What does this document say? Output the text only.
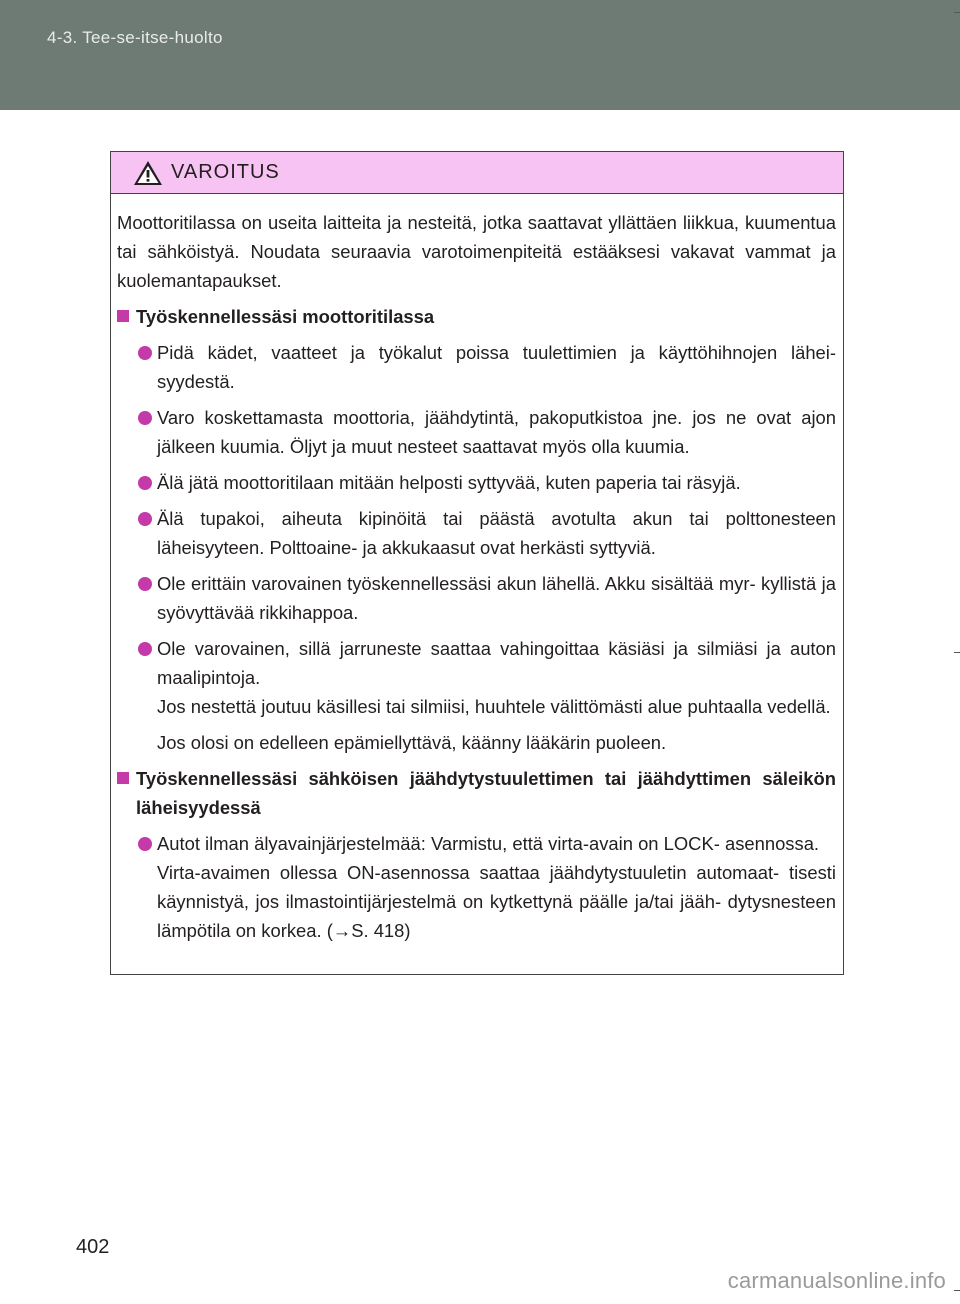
4-3. Tee-se-itse-huolto
VAROITUS

Moottoritilassa on useita laitteita ja nesteitä, jotka saattavat yllättäen liikkua, kuumentua tai sähköistyä. Noudata seuraavia varotoimenpiteitä estääksesi vakavat vammat ja kuolemantapaukset.

Työskennellessäsi moottoritilassa

Pidä kädet, vaatteet ja työkalut poissa tuulettimien ja käyttöhihnojen lähei- syydestä.

Varo koskettamasta moottoria, jäähdytintä, pakoputkistoa jne. jos ne ovat ajon jälkeen kuumia. Öljyt ja muut nesteet saattavat myös olla kuumia.

Älä jätä moottoritilaan mitään helposti syttyvää, kuten paperia tai räsyjä.

Älä tupakoi, aiheuta kipinöitä tai päästä avotulta akun tai polttonesteen läheisyyteen. Polttoaine- ja akkukaasut ovat herkästi syttyviä.

Ole erittäin varovainen työskennellessäsi akun lähellä. Akku sisältää myr- kyllistä ja syövyttävää rikkihappoa.

Ole varovainen, sillä jarruneste saattaa vahingoittaa käsiäsi ja silmiäsi ja auton maalipintoja.

Jos nestettä joutuu käsillesi tai silmiisi, huuhtele välittömästi alue puhtaalla vedellä.

Jos olosi on edelleen epämiellyttävä, käänny lääkärin puoleen.

Työskennellessäsi sähköisen jäähdytystuulettimen tai jäähdyttimen säleikön läheisyydessä

Autot ilman älyavainjärjestelmää: Varmistu, että virta-avain on LOCK- asennossa.

Virta-avaimen ollessa ON-asennossa saattaa jäähdytystuuletin automaat- tisesti käynnistyä, jos ilmastointijärjestelmä on kytkettynä päälle ja/tai jääh- dytysnesteen lämpötila on korkea. (→S. 418)

402
carmanualsonline.info
